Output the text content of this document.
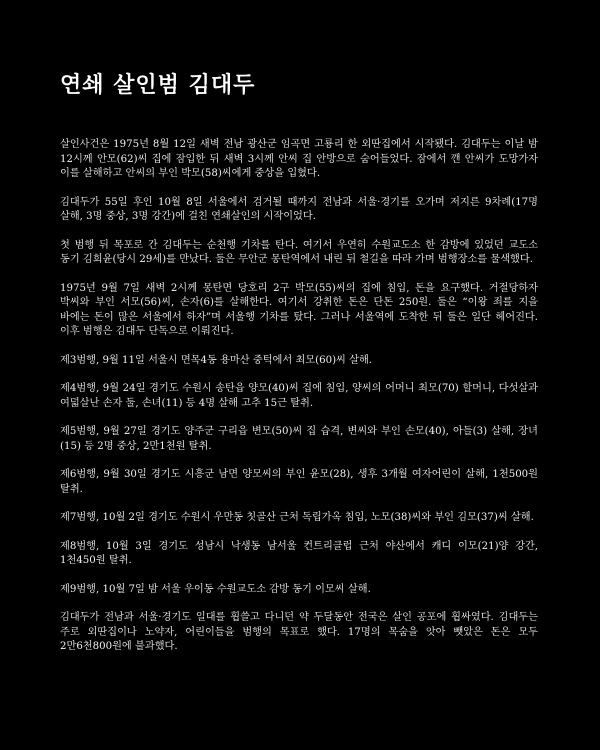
연쇄 살인범 김대두

살인사건은 1975년 8월 12일 새벽 전남 광산군 임곡면 고룡리 한 외딴집에서 시작됐다. 김대두는 이날 밤 12시께 안모(62)씨 집에 잠입한 뒤 새벽 3시께 안씨 집 안방으로 숨어들었다. 잠에서 깬 안씨가 도망가자 이를 살해하고 안씨의 부인 박모(58)씨에게 중상을 입혔다.

김대두가 55일 후인 10월 8일 서울에서 검거될 때까지 전남과 서울·경기를 오가며 저지른 9차례(17명 살해, 3명 중상, 3명 강간)에 걸친 연쇄살인의 시작이었다.

첫 범행 뒤 목포로 간 김대두는 순천행 기차를 탄다. 여기서 우연히 수원교도소 한 감방에 있었던 교도소 동기 김희윤(당시 29세)를 만났다. 둘은 무안군 몽탄역에서 내린 뒤 철길을 따라 가며 범행장소를 물색했다.

1975년 9월 7일 새벽 2시께 몽탄면 당호리 2구 박모(55)씨의 집에 침입, 돈을 요구했다. 거절당하자 박씨와 부인 서모(56)씨, 손자(6)를 살해한다. 여기서 강취한 돈은 단돈 250원. 둘은 “이왕 죄를 지을 바에는 돈이 많은 서울에서 하자”며 서울행 기차를 탔다. 그러나 서울역에 도착한 뒤 둘은 일단 헤어진다. 이후 범행은 김대두 단독으로 이뤄진다.

제3범행, 9월 11일 서울시 면목4동 용마산 중턱에서 최모(60)씨 살해.

제4범행, 9월 24일 경기도 수원시 송탄읍 양모(40)씨 집에 침입, 양씨의 어머니 최모(70) 할머니, 다섯살과 여덟살난 손자 둘, 손녀(11) 등 4명 살해 고추 15근 탈취.

제5범행, 9월 27일 경기도 양주군 구리읍 변모(50)씨 집 습격, 변씨와 부인 손모(40), 아들(3) 살해, 장녀(15) 등 2명 중상, 2만1천원 탈취.

제6범행, 9월 30일 경기도 시흥군 남면 양모씨의 부인 윤모(28), 생후 3개월 여자어린이 살해, 1천500원 탈취.

제7범행, 10월 2일 경기도 수원시 우만동 칫골산 근처 독립가옥 침입, 노모(38)씨와 부인 김모(37)씨 살해.

제8범행, 10월 3일 경기도 성남시 낙생동 남서울 컨트리클럽 근처 야산에서 캐디 이모(21)양 강간, 1천450원 탈취.

제9범행, 10월 7일 밤 서울 우이동 수원교도소 감방 동기 이모씨 살해.

김대두가 전남과 서울·경기도 일대를 휩쓸고 다니던 약 두달동안 전국은 살인 공포에 휩싸였다. 김대두는 주로 외딴집이나 노약자, 어린이들을 범행의 목표로 했다. 17명의 목숨을 앗아 뺏았은 돈은 모두 2만6천800원에 불과했다.
